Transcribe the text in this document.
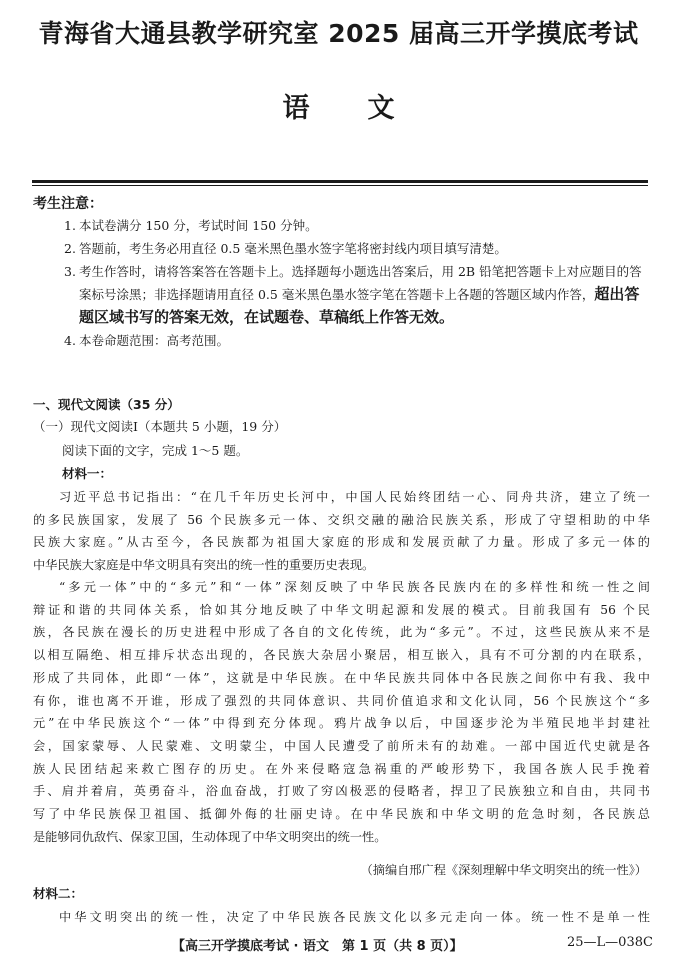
青海省大通县教学研究室 2025 届高三开学摸底考试
语文
考生注意：
1. 本试卷满分 150 分，考试时间 150 分钟。
2. 答题前，考生务必用直径 0.5 毫米黑色墨水签字笔将密封线内项目填写清楚。
3. 考生作答时，请将答案答在答题卡上。选择题每小题选出答案后，用 2B 铅笔把答题卡上对应题目的答案标号涂黑；非选择题请用直径 0.5 毫米黑色墨水签字笔在答题卡上各题的答题区域内作答，超出答题区域书写的答案无效，在试题卷、草稿纸上作答无效。
4. 本卷命题范围：高考范围。
一、现代文阅读（35 分）
（一）现代文阅读Ⅰ（本题共 5 小题，19 分）
阅读下面的文字，完成 1～5 题。
材料一：
习近平总书记指出：“在几千年历史长河中，中国人民始终团结一心、同舟共济，建立了统一
的多民族国家，发展了 56 个民族多元一体、交织交融的融洽民族关系，形成了守望相助的中华
民族大家庭。”从古至今，各民族都为祖国大家庭的形成和发展贡献了力量。形成了多元一体的
中华民族大家庭是中华文明具有突出的统一性的重要历史表现。
“多元一体”中的“多元”和“一体”深刻反映了中华民族各民族内在的多样性和统一性之间
辩证和谐的共同体关系，恰如其分地反映了中华文明起源和发展的模式。目前我国有 56 个民
族，各民族在漫长的历史进程中形成了各自的文化传统，此为“多元”。不过，这些民族从来不是
以相互隔绝、相互排斥状态出现的，各民族大杂居小聚居，相互嵌入，具有不可分割的内在联系，
形成了共同体，此即“一体”，这就是中华民族。在中华民族共同体中各民族之间你中有我、我中
有你，谁也离不开谁，形成了强烈的共同体意识、共同价值追求和文化认同，56 个民族这个“多
元”在中华民族这个“一体”中得到充分体现。鸦片战争以后，中国逐步沦为半殖民地半封建社
会，国家蒙辱、人民蒙难、文明蒙尘，中国人民遭受了前所未有的劫难。一部中国近代史就是各
族人民团结起来救亡图存的历史。在外来侵略寇急祸重的严峻形势下，我国各族人民手挽着
手、肩并着肩，英勇奋斗，浴血奋战，打败了穷凶极恶的侵略者，捍卫了民族独立和自由，共同书
写了中华民族保卫祖国、抵御外侮的壮丽史诗。在中华民族和中华文明的危急时刻，各民族总
是能够同仇敌忾、保家卫国，生动体现了中华文明突出的统一性。
（摘编自邢广程《深刻理解中华文明突出的统一性》）
材料二：
中华文明突出的统一性，决定了中华民族各民族文化以多元走向一体。统一性不是单一性
【高三开学摸底考试 · 语文　第 1 页（共 8 页）】	25—L—038C
